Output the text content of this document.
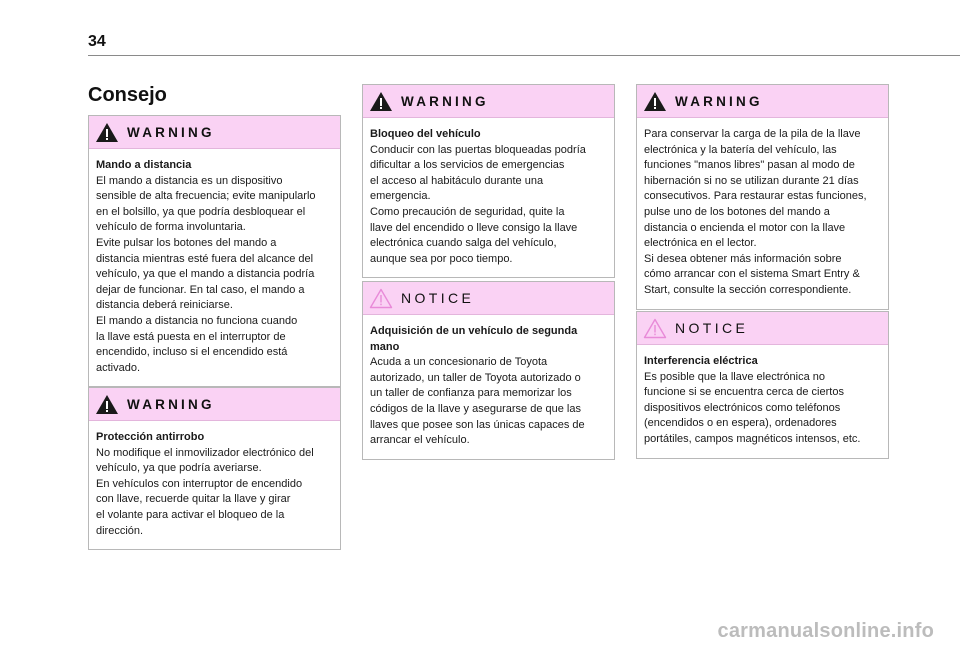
34
Consejo
WARNING

Mando a distancia

El mando a distancia es un dispositivo

sensible de alta frecuencia; evite manipularlo

en el bolsillo, ya que podría desbloquear el

vehículo de forma involuntaria.

Evite pulsar los botones del mando a

distancia mientras esté fuera del alcance del

vehículo, ya que el mando a distancia podría

dejar de funcionar. En tal caso, el mando a

distancia deberá reiniciarse.

El mando a distancia no funciona cuando

la llave está puesta en el interruptor de

encendido, incluso si el encendido está

activado.

WARNING

Protección antirrobo

No modifique el inmovilizador electrónico del

vehículo, ya que podría averiarse.

En vehículos con interruptor de encendido

con llave, recuerde quitar la llave y girar

el volante para activar el bloqueo de la

dirección.

WARNING

Bloqueo del vehículo

Conducir con las puertas bloqueadas podría

dificultar a los servicios de emergencias

el acceso al habitáculo durante una

emergencia.

Como precaución de seguridad, quite la

llave del encendido o lleve consigo la llave

electrónica cuando salga del vehículo,

aunque sea por poco tiempo.

NOTICE

Adquisición de un vehículo de segunda

mano

Acuda a un concesionario de Toyota

autorizado, un taller de Toyota autorizado o

un taller de confianza para memorizar los

códigos de la llave y asegurarse de que las

llaves que posee son las únicas capaces de

arrancar el vehículo.

WARNING

Para conservar la carga de la pila de la llave

electrónica y la batería del vehículo, las

funciones "manos libres" pasan al modo de

hibernación si no se utilizan durante 21 días

consecutivos. Para restaurar estas funciones,

pulse uno de los botones del mando a

distancia o encienda el motor con la llave

electrónica en el lector.

Si desea obtener más información sobre

cómo arrancar con el sistema Smart Entry &

Start, consulte la sección correspondiente.

NOTICE

Interferencia eléctrica

Es posible que la llave electrónica no

funcione si se encuentra cerca de ciertos

dispositivos electrónicos como teléfonos

(encendidos o en espera), ordenadores

portátiles, campos magnéticos intensos, etc.

carmanualsonline.info
